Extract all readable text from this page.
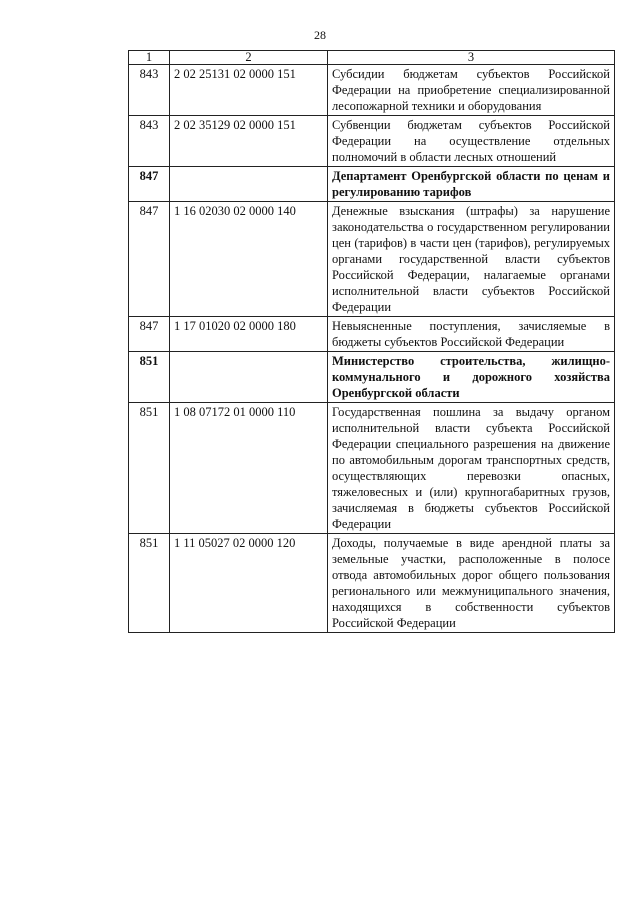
28
1	2	3
843	2 02 25131 02 0000 151	Субсидии бюджетам субъектов Российской Федерации на приобретение специализированной лесопожарной техники и оборудования
843	2 02 35129 02 0000 151	Субвенции бюджетам субъектов Российской Федерации на осуществление отдельных полномочий в области лесных отношений
847		Департамент Оренбургской области по ценам и регулированию тарифов
847	1 16 02030 02 0000 140	Денежные взыскания (штрафы) за нарушение законодательства о государственном регулировании цен (тарифов) в части цен (тарифов), регулируемых органами государственной власти субъектов Российской Федерации, налагаемые органами исполнительной власти субъектов Российской Федерации
847	1 17 01020 02 0000 180	Невыясненные поступления, зачисляемые в бюджеты субъектов Российской Федерации
851		Министерство строительства, жилищно-коммунального и дорожного хозяйства Оренбургской области
851	1 08 07172 01 0000 110	Государственная пошлина за выдачу органом исполнительной власти субъекта Российской Федерации специального разрешения на движение по автомобильным дорогам транспортных средств, осуществляющих перевозки опасных, тяжеловесных и (или) крупногабаритных грузов, зачисляемая в бюджеты субъектов Российской Федерации
851	1 11 05027 02 0000 120	Доходы, получаемые в виде арендной платы за земельные участки, расположенные в полосе отвода автомобильных дорог общего пользования регионального или межмуниципального значения, находящихся в собственности субъектов Российской Федерации
